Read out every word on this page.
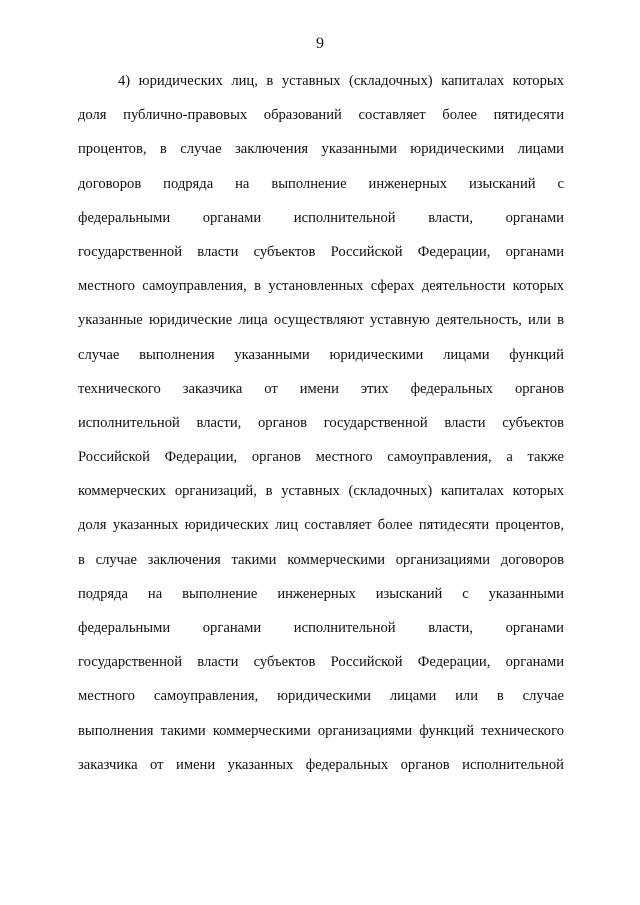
9
4) юридических лиц, в уставных (складочных) капиталах которых
доля публично-правовых образований составляет более пятидесяти
процентов, в случае заключения указанными юридическими лицами
договоров подряда на выполнение инженерных изысканий с
федеральными органами исполнительной власти, органами
государственной власти субъектов Российской Федерации, органами
местного самоуправления, в установленных сферах деятельности которых
указанные юридические лица осуществляют уставную деятельность, или в
случае выполнения указанными юридическими лицами функций
технического заказчика от имени этих федеральных органов
исполнительной власти, органов государственной власти субъектов
Российской Федерации, органов местного самоуправления, а также
коммерческих организаций, в уставных (складочных) капиталах которых
доля указанных юридических лиц составляет более пятидесяти процентов,
в случае заключения такими коммерческими организациями договоров
подряда на выполнение инженерных изысканий с указанными
федеральными органами исполнительной власти, органами
государственной власти субъектов Российской Федерации, органами
местного самоуправления, юридическими лицами или в случае
выполнения такими коммерческими организациями функций технического
заказчика от имени указанных федеральных органов исполнительной
